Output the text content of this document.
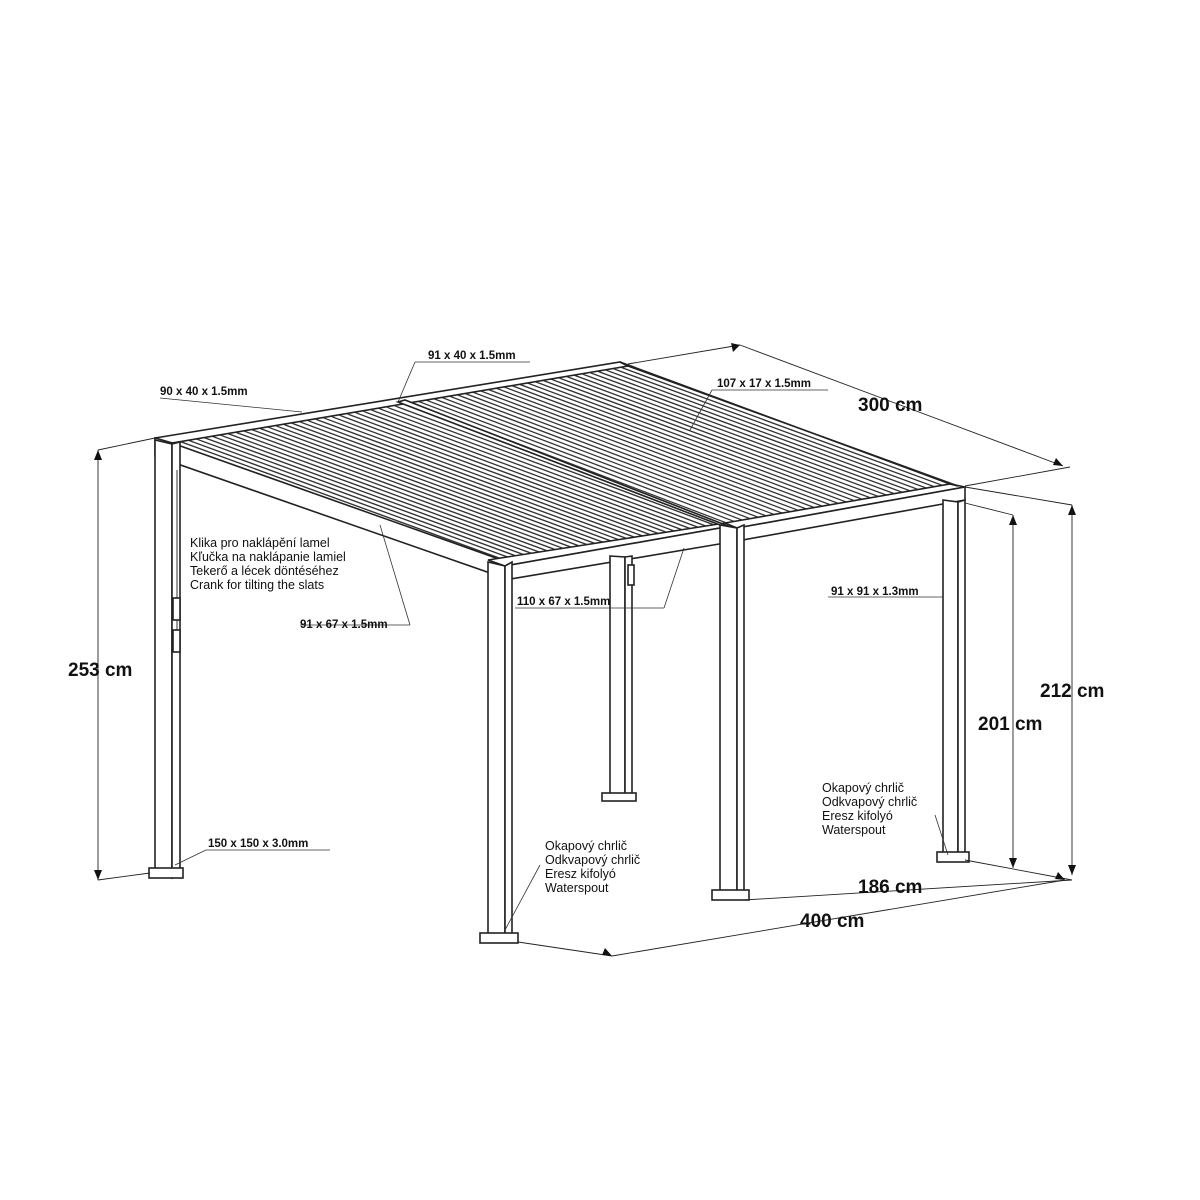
300 cm
253 cm
212 cm
201 cm
186 cm
400 cm
90 x 40 x 1.5mm
91 x 40 x 1.5mm
107 x 17 x 1.5mm
91 x 67 x 1.5mm
110 x 67 x 1.5mm
91 x 91 x 1.3mm
150 x 150 x 3.0mm
Klika pro naklápění lamel
Kľučka na naklápanie lamiel
Tekerő a lécek döntéséhez
Crank for tilting the slats
Okapový chrlič
Odkvapový chrlič
Eresz kifolyó
Waterspout
Okapový chrlič
Odkvapový chrlič
Eresz kifolyó
Waterspout
